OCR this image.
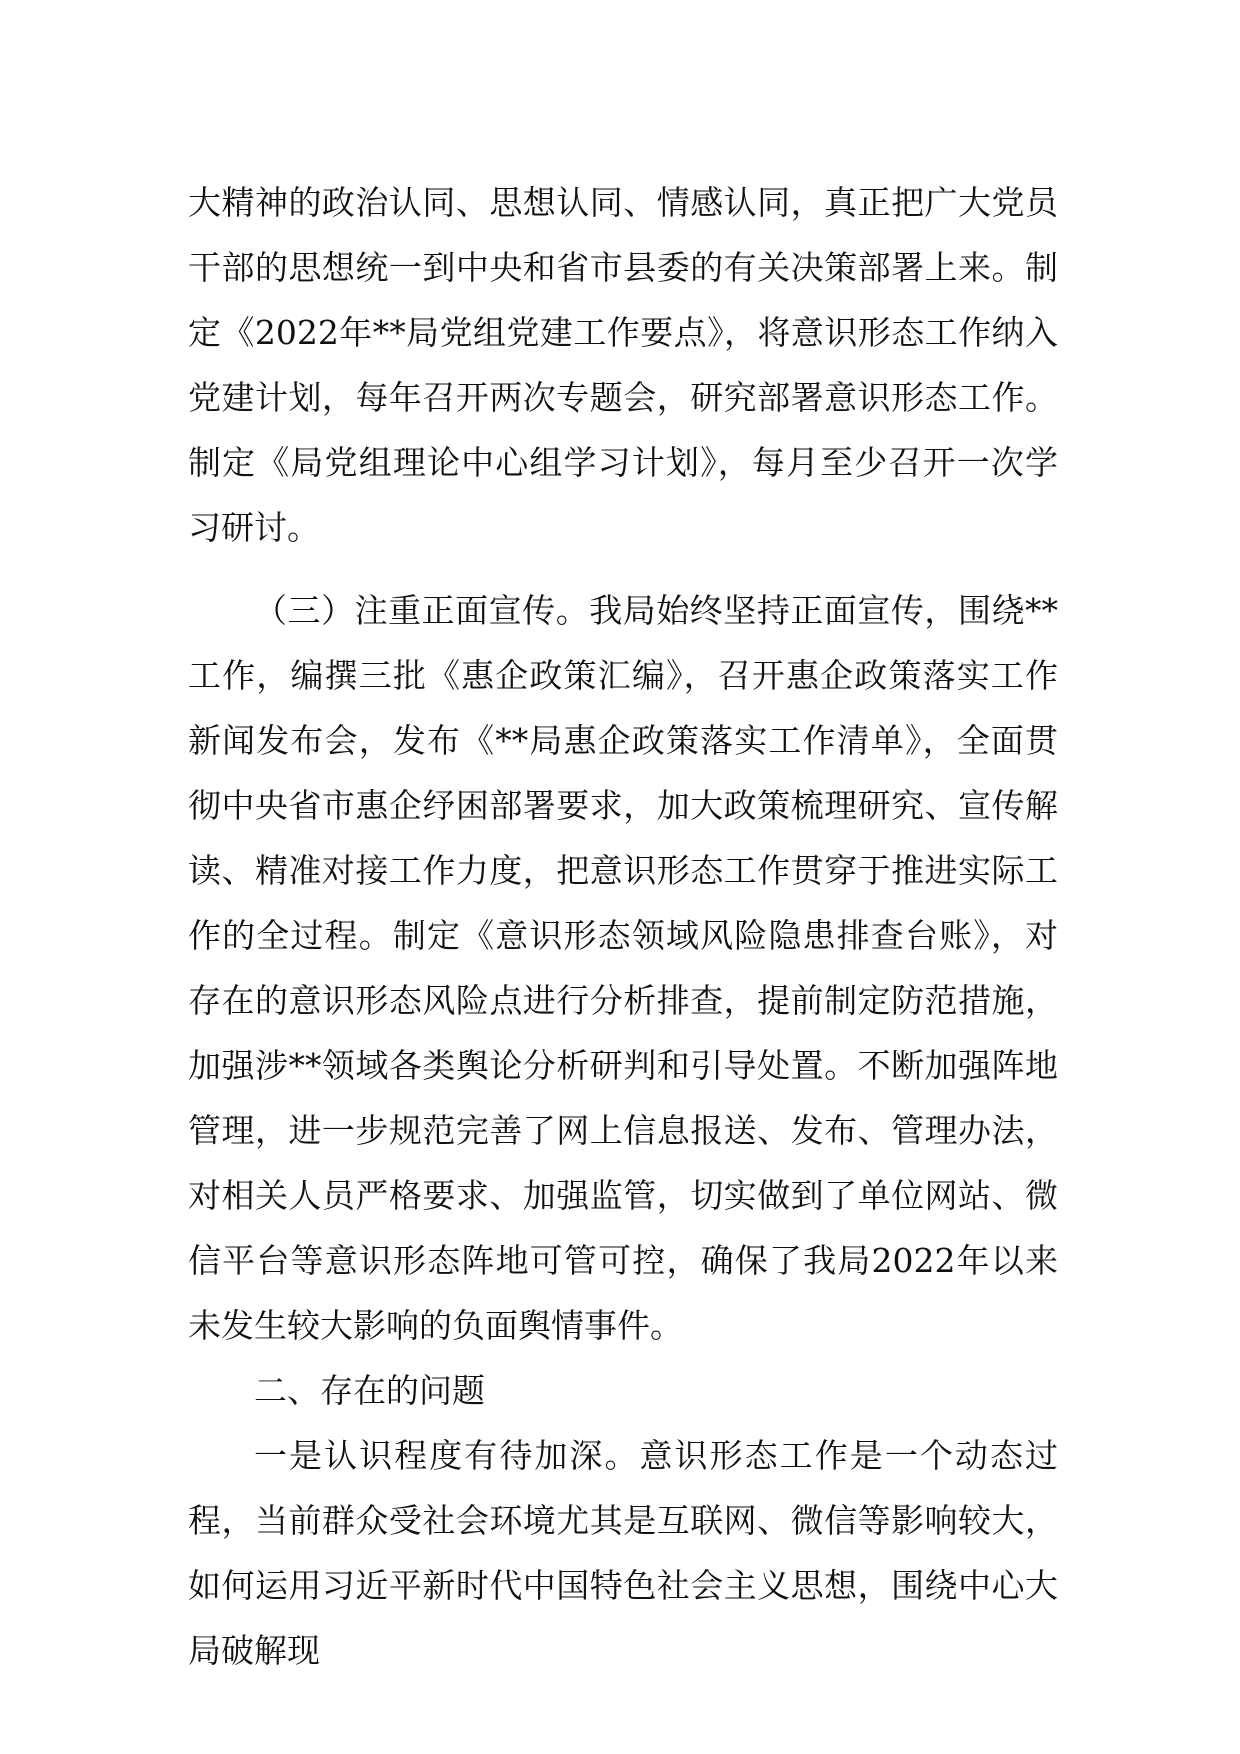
大精神的政治认同、思想认同、情感认同，真正把广大党员干部的思想统一到中央和省市县委的有关决策部署上来。制定《2022年**局党组党建工作要点》，将意识形态工作纳入党建计划，每年召开两次专题会，研究部署意识形态工作。制定《局党组理论中心组学习计划》，每月至少召开一次学习研讨。

（三）注重正面宣传。我局始终坚持正面宣传，围绕**工作，编撰三批《惠企政策汇编》，召开惠企政策落实工作新闻发布会，发布《**局惠企政策落实工作清单》，全面贯彻中央省市惠企纾困部署要求，加大政策梳理研究、宣传解读、精准对接工作力度，把意识形态工作贯穿于推进实际工作的全过程。制定《意识形态领域风险隐患排查台账》，对存在的意识形态风险点进行分析排查，提前制定防范措施，加强涉**领域各类舆论分析研判和引导处置。不断加强阵地管理，进一步规范完善了网上信息报送、发布、管理办法，对相关人员严格要求、加强监管，切实做到了单位网站、微信平台等意识形态阵地可管可控，确保了我局2022年以来未发生较大影响的负面舆情事件。

二、存在的问题

一是认识程度有待加深。意识形态工作是一个动态过程，当前群众受社会环境尤其是互联网、微信等影响较大，如何运用习近平新时代中国特色社会主义思想，围绕中心大局破解现
